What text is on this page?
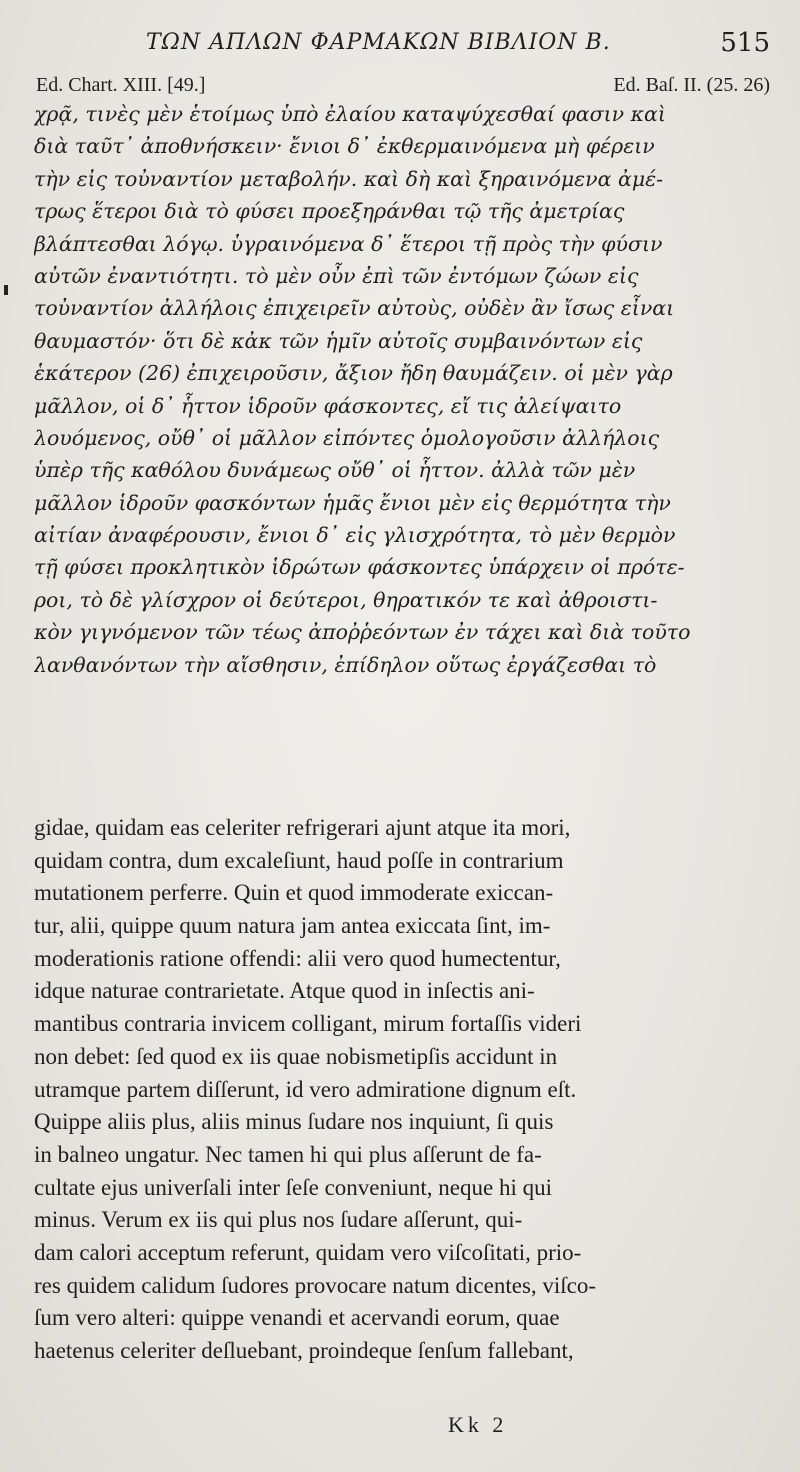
ΤΩΝ ΑΠΛΩΝ ΦΑΡΜΑΚΩΝ ΒΙΒΛΙΟΝ Β.	515
Ed. Chart. XIII. [49.]	Ed. Baſ. II. (25. 26)
χρᾷ, τινὲς μὲν ἑτοίμως ὑπὸ ἐλαίου καταψύχεσθαί φασιν καὶ
διὰ ταῦτ᾽ ἀποθνήσκειν· ἔνιοι δ᾽ ἐκθερμαινόμενα μὴ φέρειν
τὴν εἰς τοὐναντίον μεταβολήν. καὶ δὴ καὶ ξηραινόμενα ἀμέ-
τρως ἕτεροι διὰ τὸ φύσει προεξηράνθαι τῷ τῆς ἀμετρίας
βλάπτεσθαι λόγῳ. ὑγραινόμενα δ᾽ ἕτεροι τῇ πρὸς τὴν φύσιν
αὐτῶν ἐναντιότητι. τὸ μὲν οὖν ἐπὶ τῶν ἐντόμων ζώων εἰς
τοὐναντίον ἀλλήλοις ἐπιχειρεῖν αὐτοὺς, οὐδὲν ἂν ἴσως εἶναι
θαυμαστόν· ὅτι δὲ κἀκ τῶν ἡμῖν αὐτοῖς συμβαινόντων εἰς
ἑκάτερον (26) ἐπιχειροῦσιν, ἄξιον ἤδη θαυμάζειν. οἱ μὲν γὰρ
μᾶλλον, οἱ δ᾽ ἧττον ἱδροῦν φάσκοντες, εἴ τις ἀλείψαιτο
λουόμενος, οὔθ᾽ οἱ μᾶλλον εἰπόντες ὁμολογοῦσιν ἀλλήλοις
ὑπὲρ τῆς καθόλου δυνάμεως οὔθ᾽ οἱ ἧττον. ἀλλὰ τῶν μὲν
μᾶλλον ἱδροῦν φασκόντων ἡμᾶς ἔνιοι μὲν εἰς θερμότητα τὴν
αἰτίαν ἀναφέρουσιν, ἔνιοι δ᾽ εἰς γλισχρότητα, τὸ μὲν θερμὸν
τῇ φύσει προκλητικὸν ἱδρώτων φάσκοντες ὑπάρχειν οἱ πρότε-
ροι, τὸ δὲ γλίσχρον οἱ δεύτεροι, θηρατικόν τε καὶ ἀθροιστι-
κὸν γιγνόμενον τῶν τέως ἀποῤῥεόντων ἐν τάχει καὶ διὰ τοῦτο
λανθανόντων τὴν αἴσθησιν, ἐπίδηλον οὕτως ἐργάζεσθαι τὸ
gidae, quidam eas celeriter refrigerari ajunt atque ita mori,
quidam contra, dum excaleſiunt, haud poſſe in contrarium
mutationem perferre. Quin et quod immoderate exiccan-
tur, alii, quippe quum natura jam antea exiccata ſint, im-
moderationis ratione offendi: alii vero quod humectentur,
idque naturae contrarietate. Atque quod in inſectis ani-
mantibus contraria invicem colligant, mirum fortaſſis videri
non debet: ſed quod ex iis quae nobismetipſis accidunt in
utramque partem diſſerunt, id vero admiratione dignum eſt.
Quippe aliis plus, aliis minus ſudare nos inquiunt, ſi quis
in balneo ungatur. Nec tamen hi qui plus aſſerunt de fa-
cultate ejus univerſali inter ſeſe conveniunt, neque hi qui
minus. Verum ex iis qui plus nos ſudare aſſerunt, qui-
dam calori acceptum referunt, quidam vero viſcoſitati, prio-
res quidem calidum ſudores provocare natum dicentes, viſco-
ſum vero alteri: quippe venandi et acervandi eorum, quae
haetenus celeriter deſluebant, proindeque ſenſum fallebant,
Kk 2
